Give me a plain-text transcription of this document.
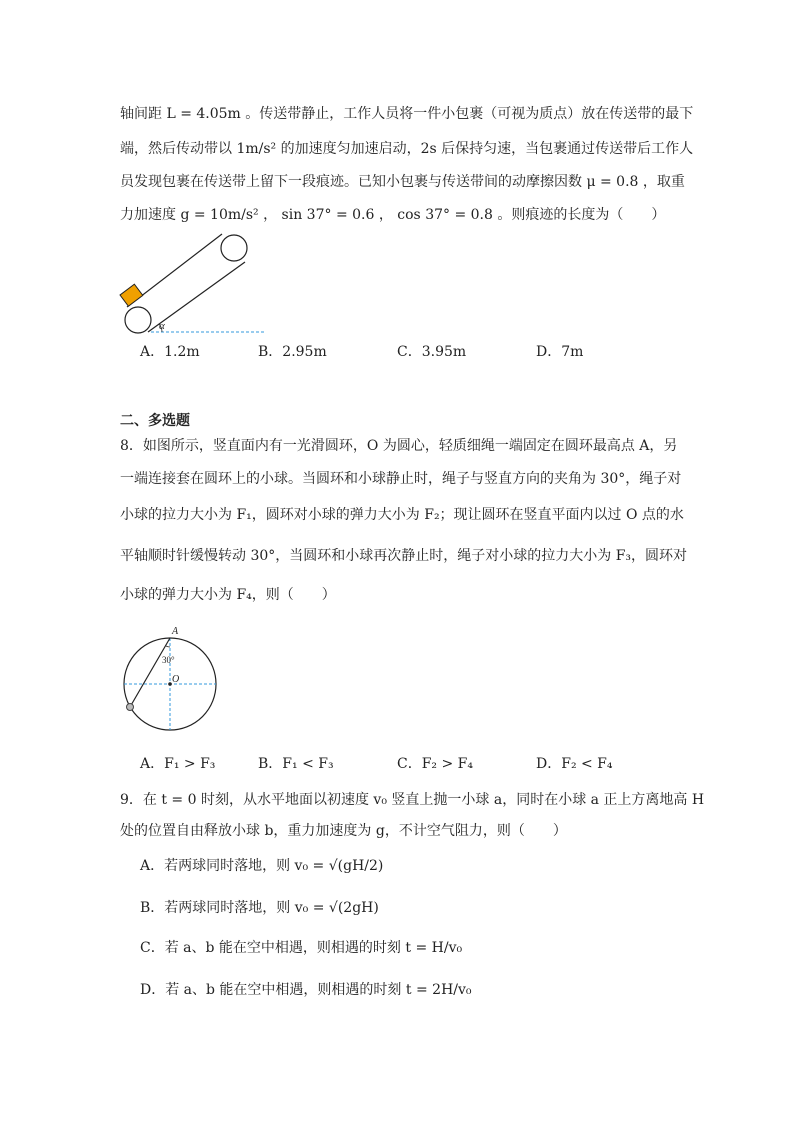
轴间距 L = 4.05m 。传送带静止，工作人员将一件小包裹（可视为质点）放在传送带的最下
端，然后传动带以 1m/s² 的加速度匀加速启动，2s 后保持匀速，当包裹通过传送带后工作人
员发现包裹在传送带上留下一段痕迹。已知小包裹与传送带间的动摩擦因数 μ = 0.8 ，取重
力加速度 g = 10m/s² ， sin 37° = 0.6 ， cos 37° = 0.8 。则痕迹的长度为（　　）
α
A．1.2m	B．2.95m	C．3.95m	D．7m
二、多选题
8．如图所示，竖直面内有一光滑圆环，O 为圆心，轻质细绳一端固定在圆环最高点 A，另
一端连接套在圆环上的小球。当圆环和小球静止时，绳子与竖直方向的夹角为 30°，绳子对
小球的拉力大小为 F₁，圆环对小球的弹力大小为 F₂；现让圆环在竖直平面内以过 O 点的水
平轴顺时针缓慢转动 30°，当圆环和小球再次静止时，绳子对小球的拉力大小为 F₃，圆环对
小球的弹力大小为 F₄，则（　　）
A
30°
O
A．F₁ > F₃	B．F₁ < F₃	C．F₂ > F₄	D．F₂ < F₄
9．在 t = 0 时刻，从水平地面以初速度 v₀ 竖直上抛一小球 a，同时在小球 a 正上方离地高 H
处的位置自由释放小球 b，重力加速度为 g，不计空气阻力，则（　　）
A．若两球同时落地，则 v₀ = √(gH/2)
B．若两球同时落地，则 v₀ = √(2gH)
C．若 a、b 能在空中相遇，则相遇的时刻 t = H/v₀
D．若 a、b 能在空中相遇，则相遇的时刻 t = 2H/v₀
